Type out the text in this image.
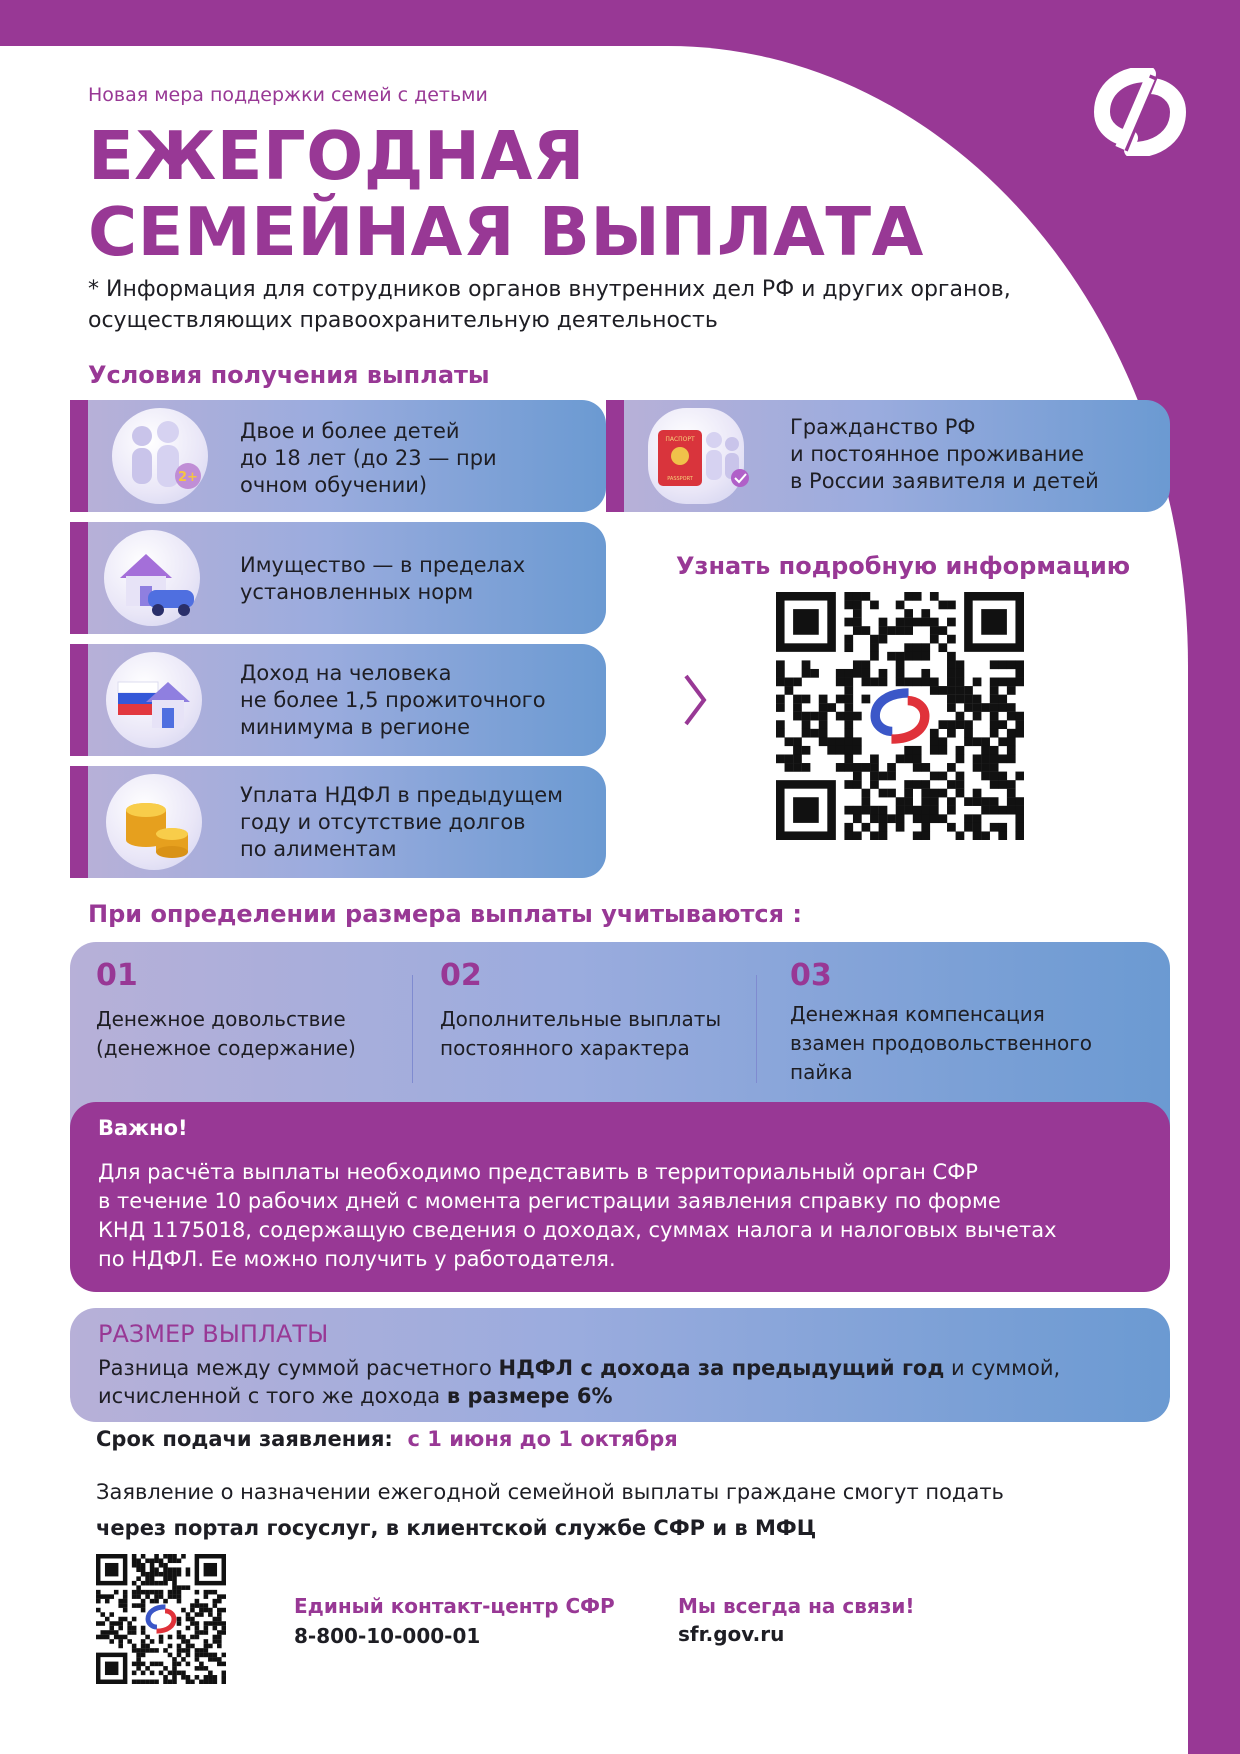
Новая мера поддержки семей с детьми
ЕЖЕГОДНАЯ
СЕМЕЙНАЯ ВЫПЛАТА
* Информация для сотрудников органов внутренних дел РФ и других органов,
осуществляющих правоохранительную деятельность
Условия получения выплаты
2+
Двое и более детей
до 18 лет (до 23 — при
очном обучении)
ПАСПОРТ
PASSPORT
Гражданство РФ
и постоянное проживание
в России заявителя и детей
Имущество — в пределах
установленных норм
Доход на человека
не более 1,5 прожиточного
минимума в регионе
Уплата НДФЛ в предыдущем
году и отсутствие долгов
по алиментам
Узнать подробную информацию
При определении размера выплаты учитываются :
01
Денежное довольствие
(денежное содержание)
02
Дополнительные выплаты
постоянного характера
03
Денежная компенсация
взамен продовольственного
пайка
Важно!
Для расчёта выплаты необходимо представить в территориальный орган СФР
в течение 10 рабочих дней с момента регистрации заявления справку по форме
КНД 1175018, содержащую сведения о доходах, суммах налога и налоговых вычетах
по НДФЛ. Ее можно получить у работодателя.
РАЗМЕР ВЫПЛАТЫ
Разница между суммой расчетного НДФЛ с дохода за предыдущий год и суммой,
исчисленной с того же дохода в размере 6%
Срок подачи заявления: с 1 июня до 1 октября
Заявление о назначении ежегодной семейной выплаты граждане смогут подать
через портал госуслуг, в клиентской службе СФР и в МФЦ
Единый контакт-центр СФР
8-800-10-000-01
Мы всегда на связи!
sfr.gov.ru
